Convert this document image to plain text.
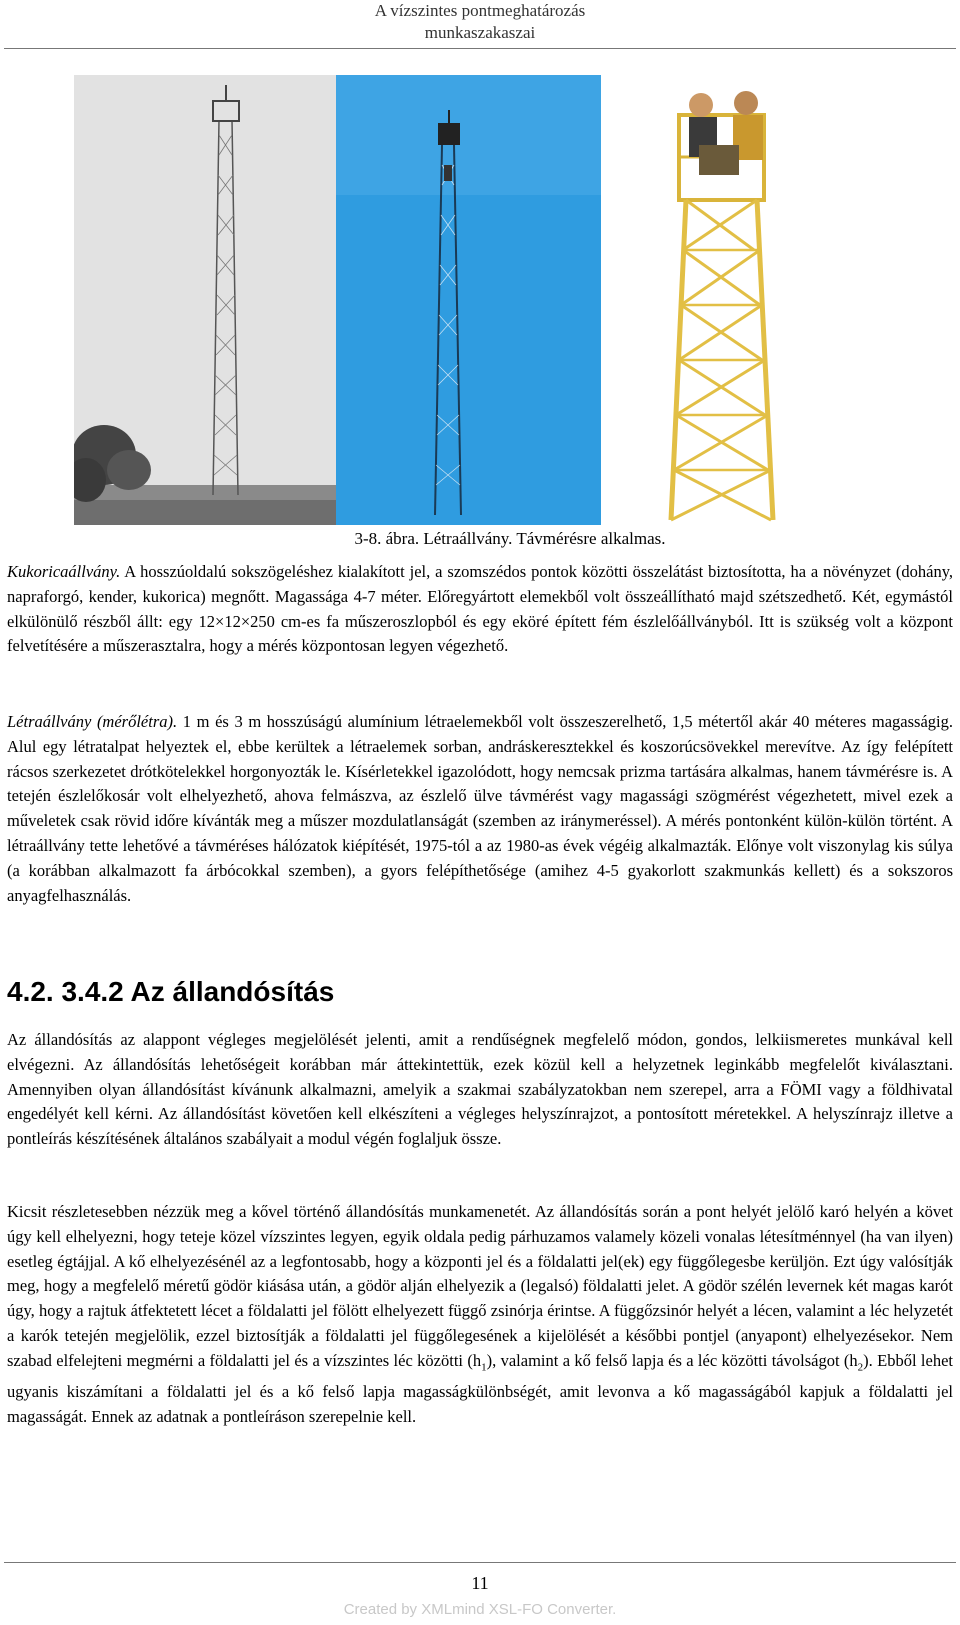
A vízszintes pontmeghatározás
munkaszakaszai
3-8. ábra. Létraállvány. Távmérésre alkalmas.

Kukoricaállvány. A hosszúoldalú sokszögeléshez kialakított jel, a szomszédos pontok közötti összelátást biztosította, ha a növényzet (dohány, napraforgó, kender, kukorica) megnőtt. Magassága 4-7 méter. Előregyártott elemekből volt összeállítható majd szétszedhető. Két, egymástól elkülönülő részből állt: egy 12×12×250 cm-es fa műszeroszlopból és egy eköré épített fém észlelőállványból. Itt is szükség volt a központ felvetítésére a műszerasztalra, hogy a mérés központosan legyen végezhető.

Létraállvány (mérőlétra). 1 m és 3 m hosszúságú alumínium létraelemekből volt összeszerelhető, 1,5 métertől akár 40 méteres magasságig. Alul egy létratalpat helyeztek el, ebbe kerültek a létraelemek sorban, andráskeresztekkel és koszorúcsövekkel merevítve. Az így felépített rácsos szerkezetet drótkötelekkel horgonyozták le. Kísérletekkel igazolódott, hogy nemcsak prizma tartására alkalmas, hanem távmérésre is. A tetején észlelőkosár volt elhelyezhető, ahova felmászva, az észlelő ülve távmérést vagy magassági szögmérést végezhetett, mivel ezek a műveletek csak rövid időre kívánták meg a műszer mozdulatlanságát (szemben az iránymeréssel). A mérés pontonként külön-külön történt. A létraállvány tette lehetővé a távméréses hálózatok kiépítését, 1975-tól a az 1980-as évek végéig alkalmazták. Előnye volt viszonylag kis súlya (a korábban alkalmazott fa árbócokkal szemben), a gyors felépíthetősége (amihez 4-5 gyakorlott szakmunkás kellett) és a sokszoros anyagfelhasználás.

4.2. 3.4.2 Az állandósítás

Az állandósítás az alappont végleges megjelölését jelenti, amit a rendűségnek megfelelő módon, gondos, lelkiismeretes munkával kell elvégezni. Az állandósítás lehetőségeit korábban már áttekintettük, ezek közül kell a helyzetnek leginkább megfelelőt kiválasztani. Amennyiben olyan állandósítást kívánunk alkalmazni, amelyik a szakmai szabályzatokban nem szerepel, arra a FÖMI vagy a földhivatal engedélyét kell kérni. Az állandósítást követően kell elkészíteni a végleges helyszínrajzot, a pontosított méretekkel. A helyszínrajz illetve a pontleírás készítésének általános szabályait a modul végén foglaljuk össze.

Kicsit részletesebben nézzük meg a kővel történő állandósítás munkamenetét. Az állandósítás során a pont helyét jelölő karó helyén a követ úgy kell elhelyezni, hogy teteje közel vízszintes legyen, egyik oldala pedig párhuzamos valamely közeli vonalas létesítménnyel (ha van ilyen) esetleg égtájjal. A kő elhelyezésénél az a legfontosabb, hogy a központi jel és a földalatti jel(ek) egy függőlegesbe kerüljön. Ezt úgy valósítják meg, hogy a megfelelő méretű gödör kiásása után, a gödör alján elhelyezik a (legalsó) földalatti jelet. A gödör szélén levernek két magas karót úgy, hogy a rajtuk átfektetett lécet a földalatti jel fölött elhelyezett függő zsinórja érintse. A függőzsinór helyét a lécen, valamint a léc helyzetét a karók tetején megjelölik, ezzel biztosítják a földalatti jel függőlegesének a kijelölését a későbbi pontjel (anyapont) elhelyezésekor. Nem szabad elfelejteni megmérni a földalatti jel és a vízszintes léc közötti $(h_1)$, valamint a kő felső lapja és a léc közötti távolságot $(h_2)$. Ebből lehet ugyanis kiszámítani a földalatti jel és a kő felső lapja magasságkülönbségét, amit levonva a kő magasságából kapjuk a földalatti jel magasságát. Ennek az adatnak a pontleíráson szerepelnie kell.

11
Created by XMLmind XSL-FO Converter.
